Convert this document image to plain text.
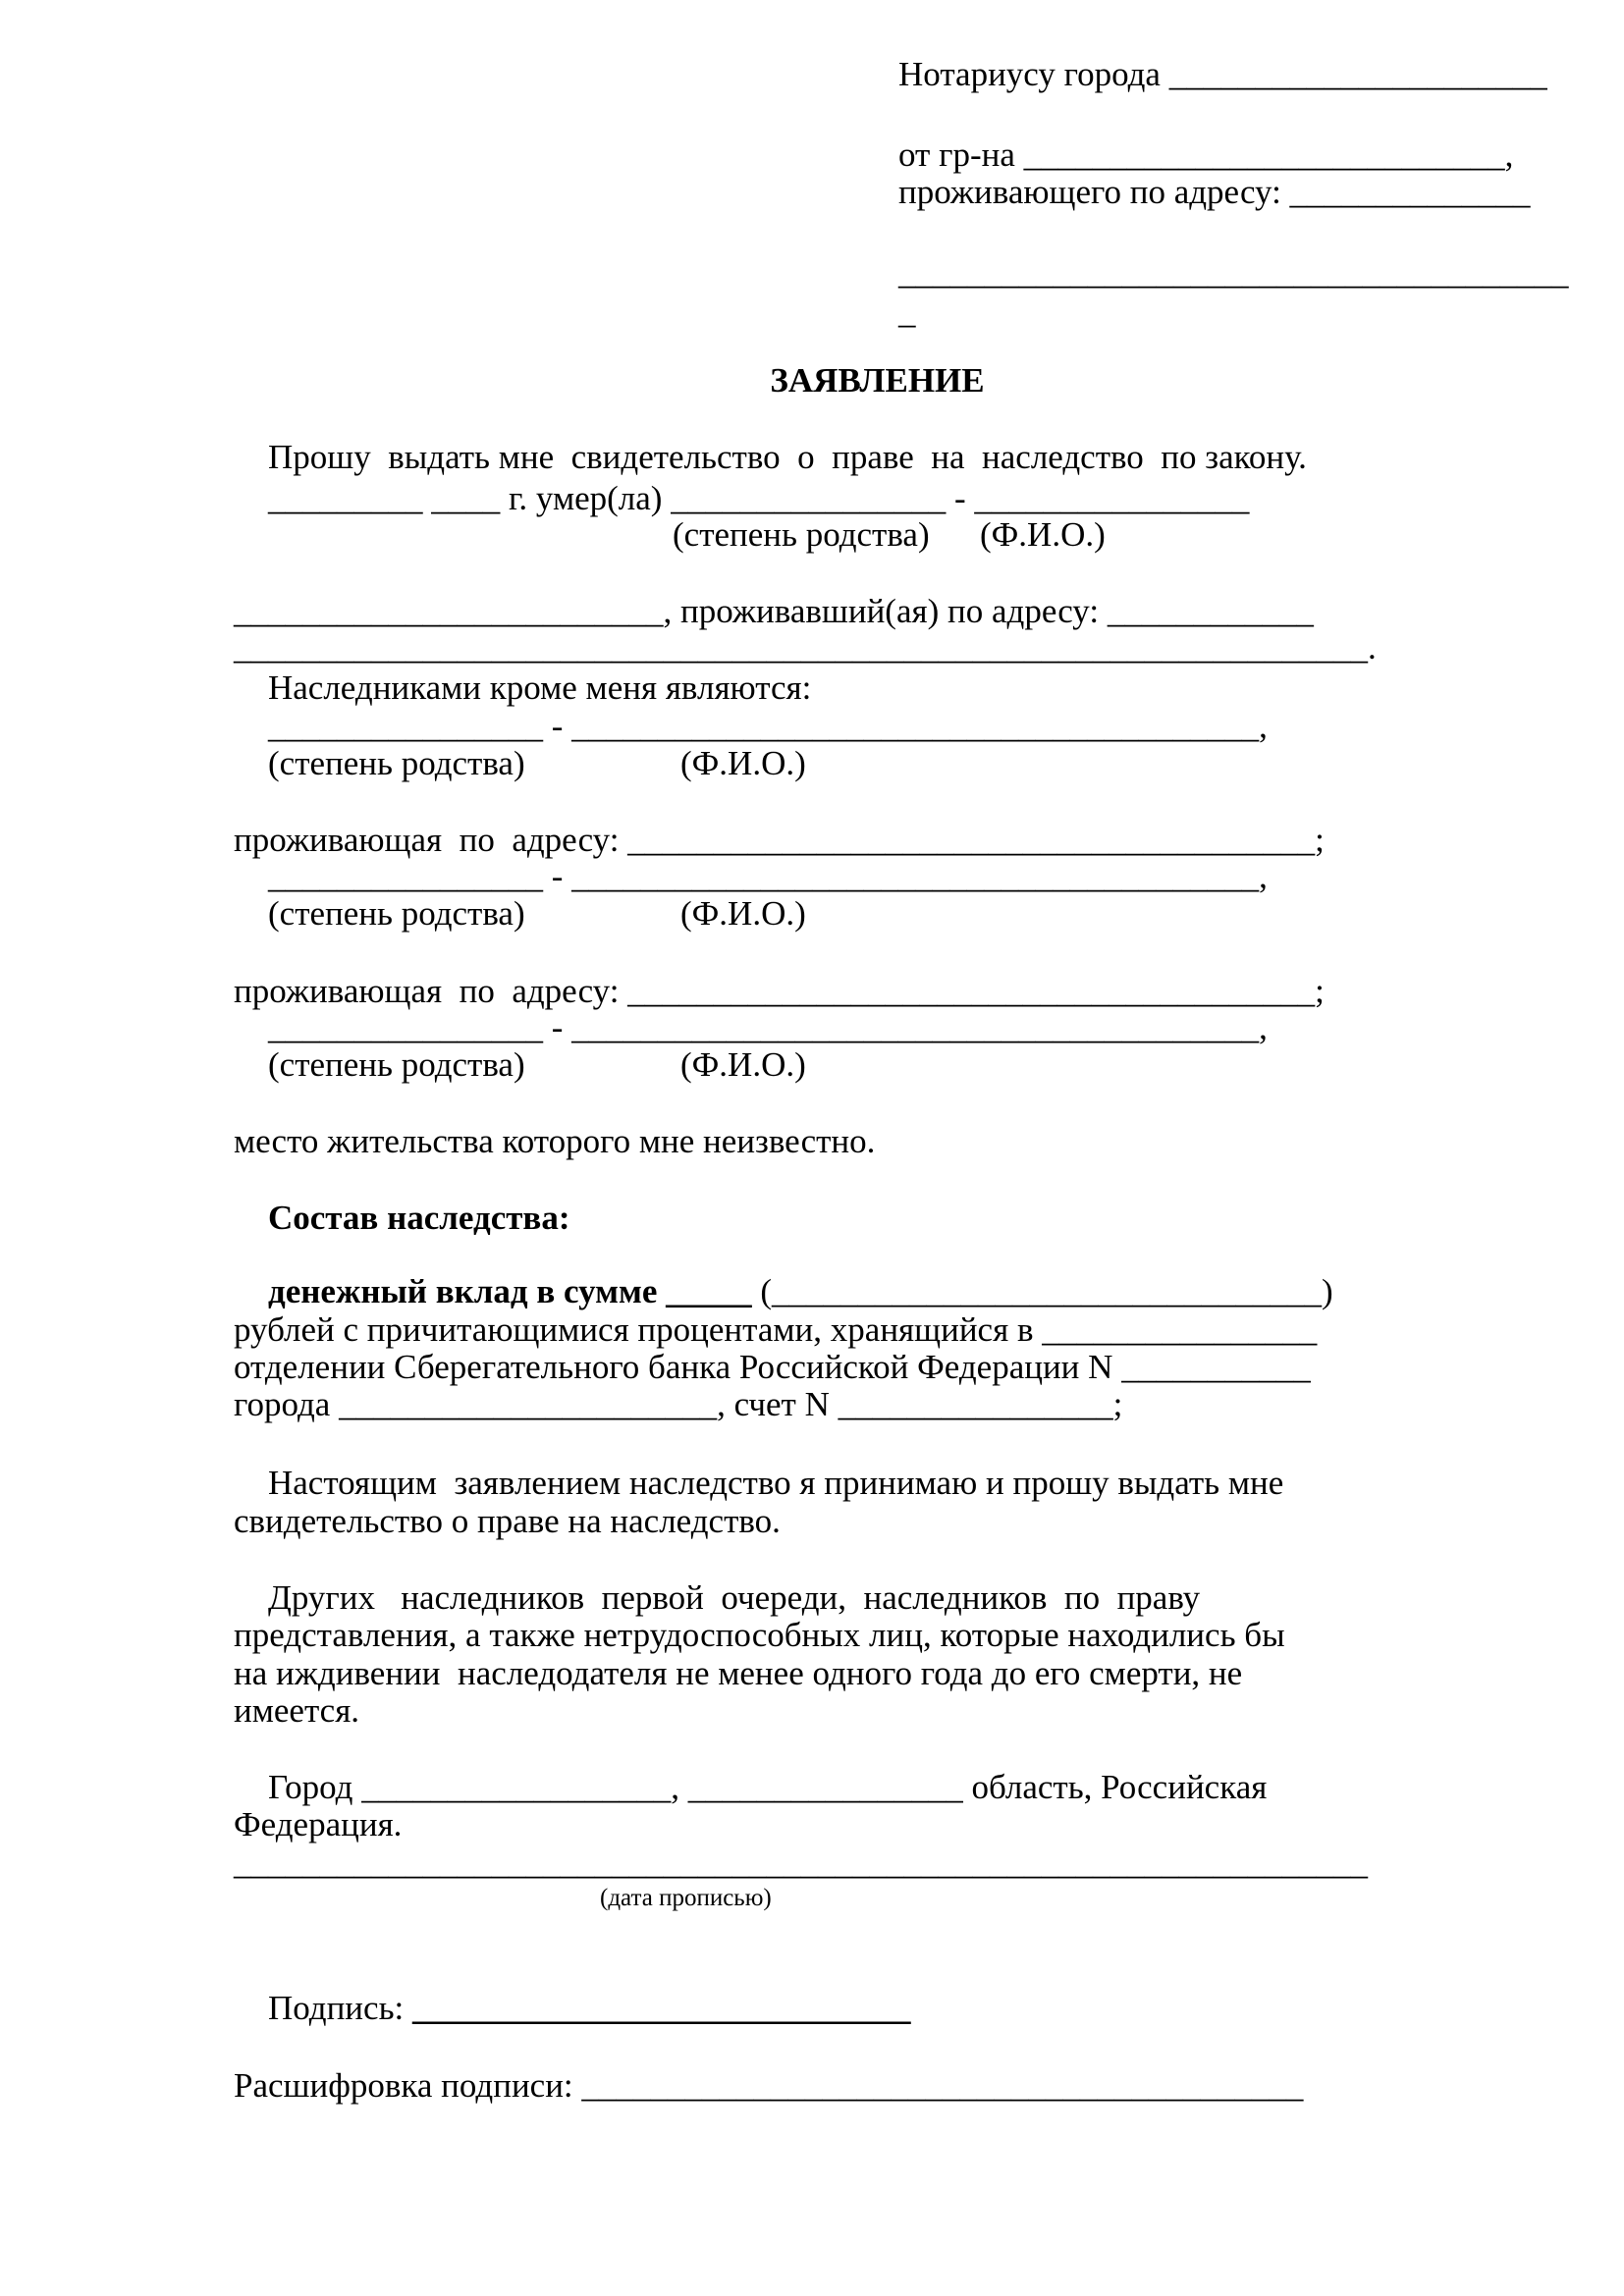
Нотариусу города ______________________
от гр-на ____________________________,
проживающего по адресу: ______________
_______________________________________
_
ЗАЯВЛЕНИЕ
Прошу  выдать мне  свидетельство  о  праве  на  наследство  по закону.
_________ ____ г. умер(ла) ________________ - ________________
(степень родства) (Ф.И.О.)
_________________________, проживавший(ая) по адресу: ____________
__________________________________________________________________.
Наследниками кроме меня являются:
________________ - ________________________________________,
(степень родства)	(Ф.И.О.)
проживающая  по  адресу: ________________________________________;
________________ - ________________________________________,
(степень родства)	(Ф.И.О.)
проживающая  по  адресу: ________________________________________;
________________ - ________________________________________,
(степень родства)	(Ф.И.О.)
место жительства которого мне неизвестно.
Состав наследства:
денежный вклад в сумме _____ (________________________________)
рублей с причитающимися процентами, хранящийся в ________________
отделении Сберегательного банка Российской Федерации N ___________
города ______________________, счет N ________________;
Настоящим  заявлением наследство я принимаю и прошу выдать мне
свидетельство о праве на наследство.
Других   наследников  первой  очереди,  наследников  по  праву
представления, а также нетрудоспособных лиц, которые находились бы
на иждивении  наследодателя не менее одного года до его смерти, не
имеется.
Город __________________, ________________ область, Российская
Федерация.
__________________________________________________________________
(дата прописью)
Подпись: _____________________________
Расшифровка подписи: __________________________________________
